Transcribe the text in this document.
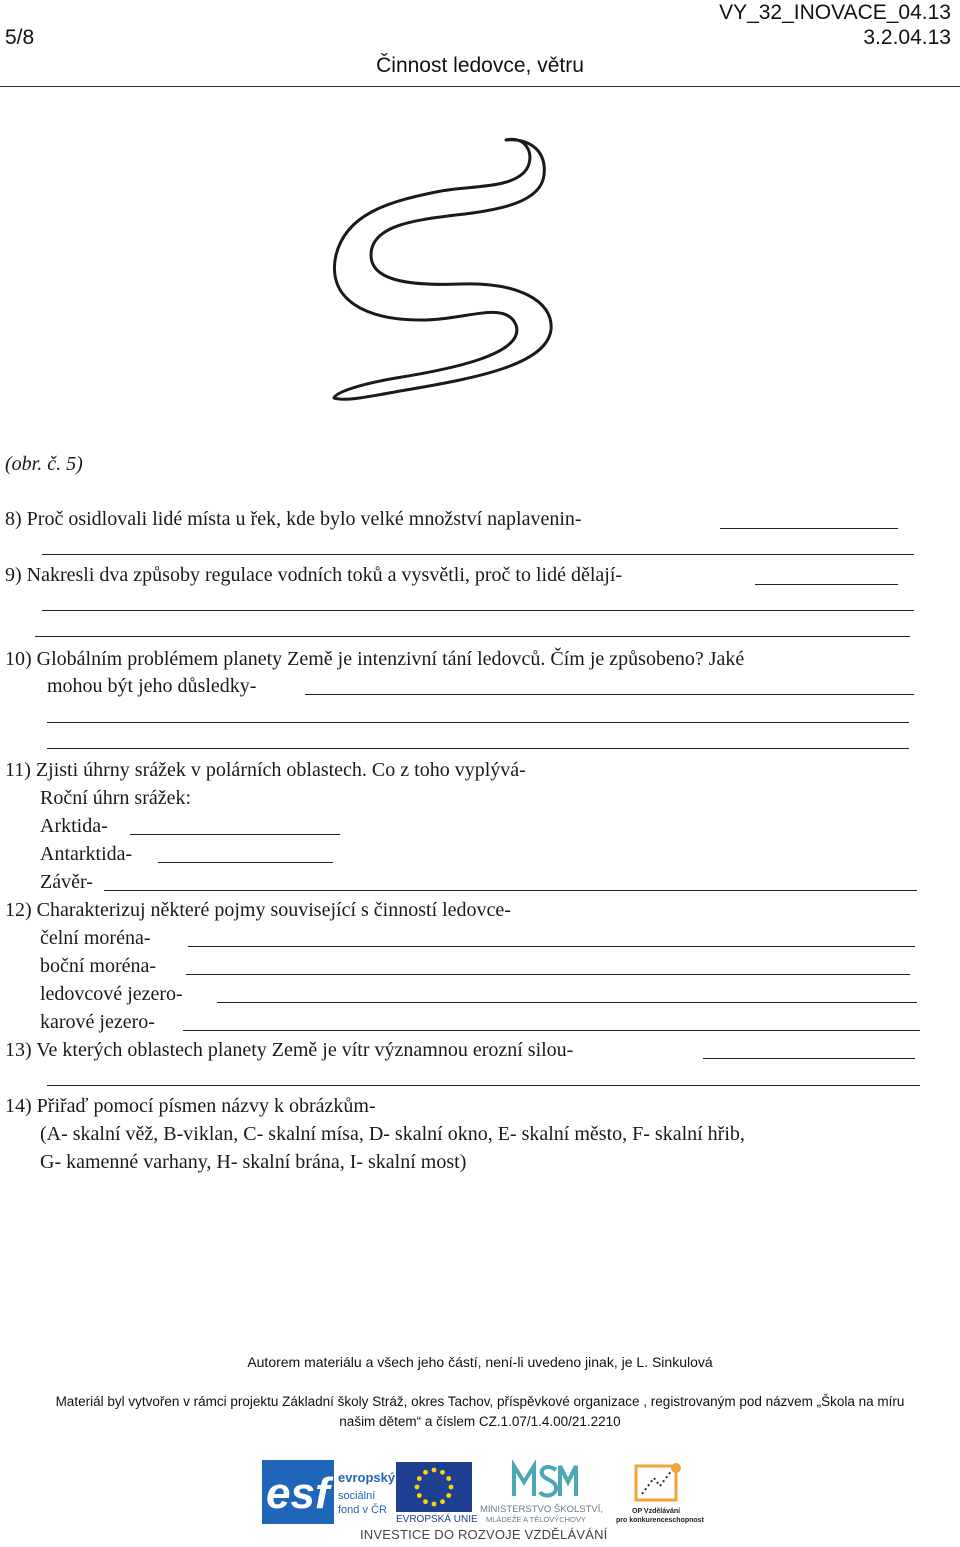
5/8
VY_32_INOVACE_04.13
3.2.04.13
Činnost ledovce, větru
(obr. č. 5)
8) Proč osidlovali lidé místa u řek, kde bylo velké množství naplavenin-
9) Nakresli dva způsoby regulace vodních toků a vysvětli, proč to lidé dělají-
10) Globálním problémem planety Země je intenzivní tání ledovců. Čím je způsobeno? Jaké
mohou být jeho důsledky-
11) Zjisti úhrny srážek v polárních oblastech. Co z toho vyplývá-
Roční úhrn srážek:
Arktida-
Antarktida-
Závěr-
12) Charakterizuj některé pojmy související s činností ledovce-
čelní moréna-
boční moréna-
ledovcové jezero-
karové jezero-
13) Ve kterých oblastech planety Země je vítr významnou erozní silou-
14) Přiřaď pomocí písmen názvy k obrázkům-
(A- skalní věž, B-viklan, C- skalní mísa, D- skalní okno, E- skalní město, F- skalní hřib,
G- kamenné varhany, H- skalní brána, I- skalní most)
Autorem materiálu a všech jeho částí, není-li uvedeno jinak, je L. Sinkulová
Materiál byl vytvořen v rámci projektu Základní školy Stráž, okres Tachov, příspěvkové organizace , registrovaným pod názvem „Škola na míru
našim dětem“ a číslem CZ.1.07/1.4.00/21.2210
esf evropský
sociální
fond v ČR
EVROPSKÁ UNIE
MINISTERSTVO ŠKOLSTVÍ,
MLÁDEŽE A TĚLOVÝCHOVY
OP Vzdělávání
pro konkurenceschopnost
INVESTICE DO ROZVOJE VZDĚLÁVÁNÍ
